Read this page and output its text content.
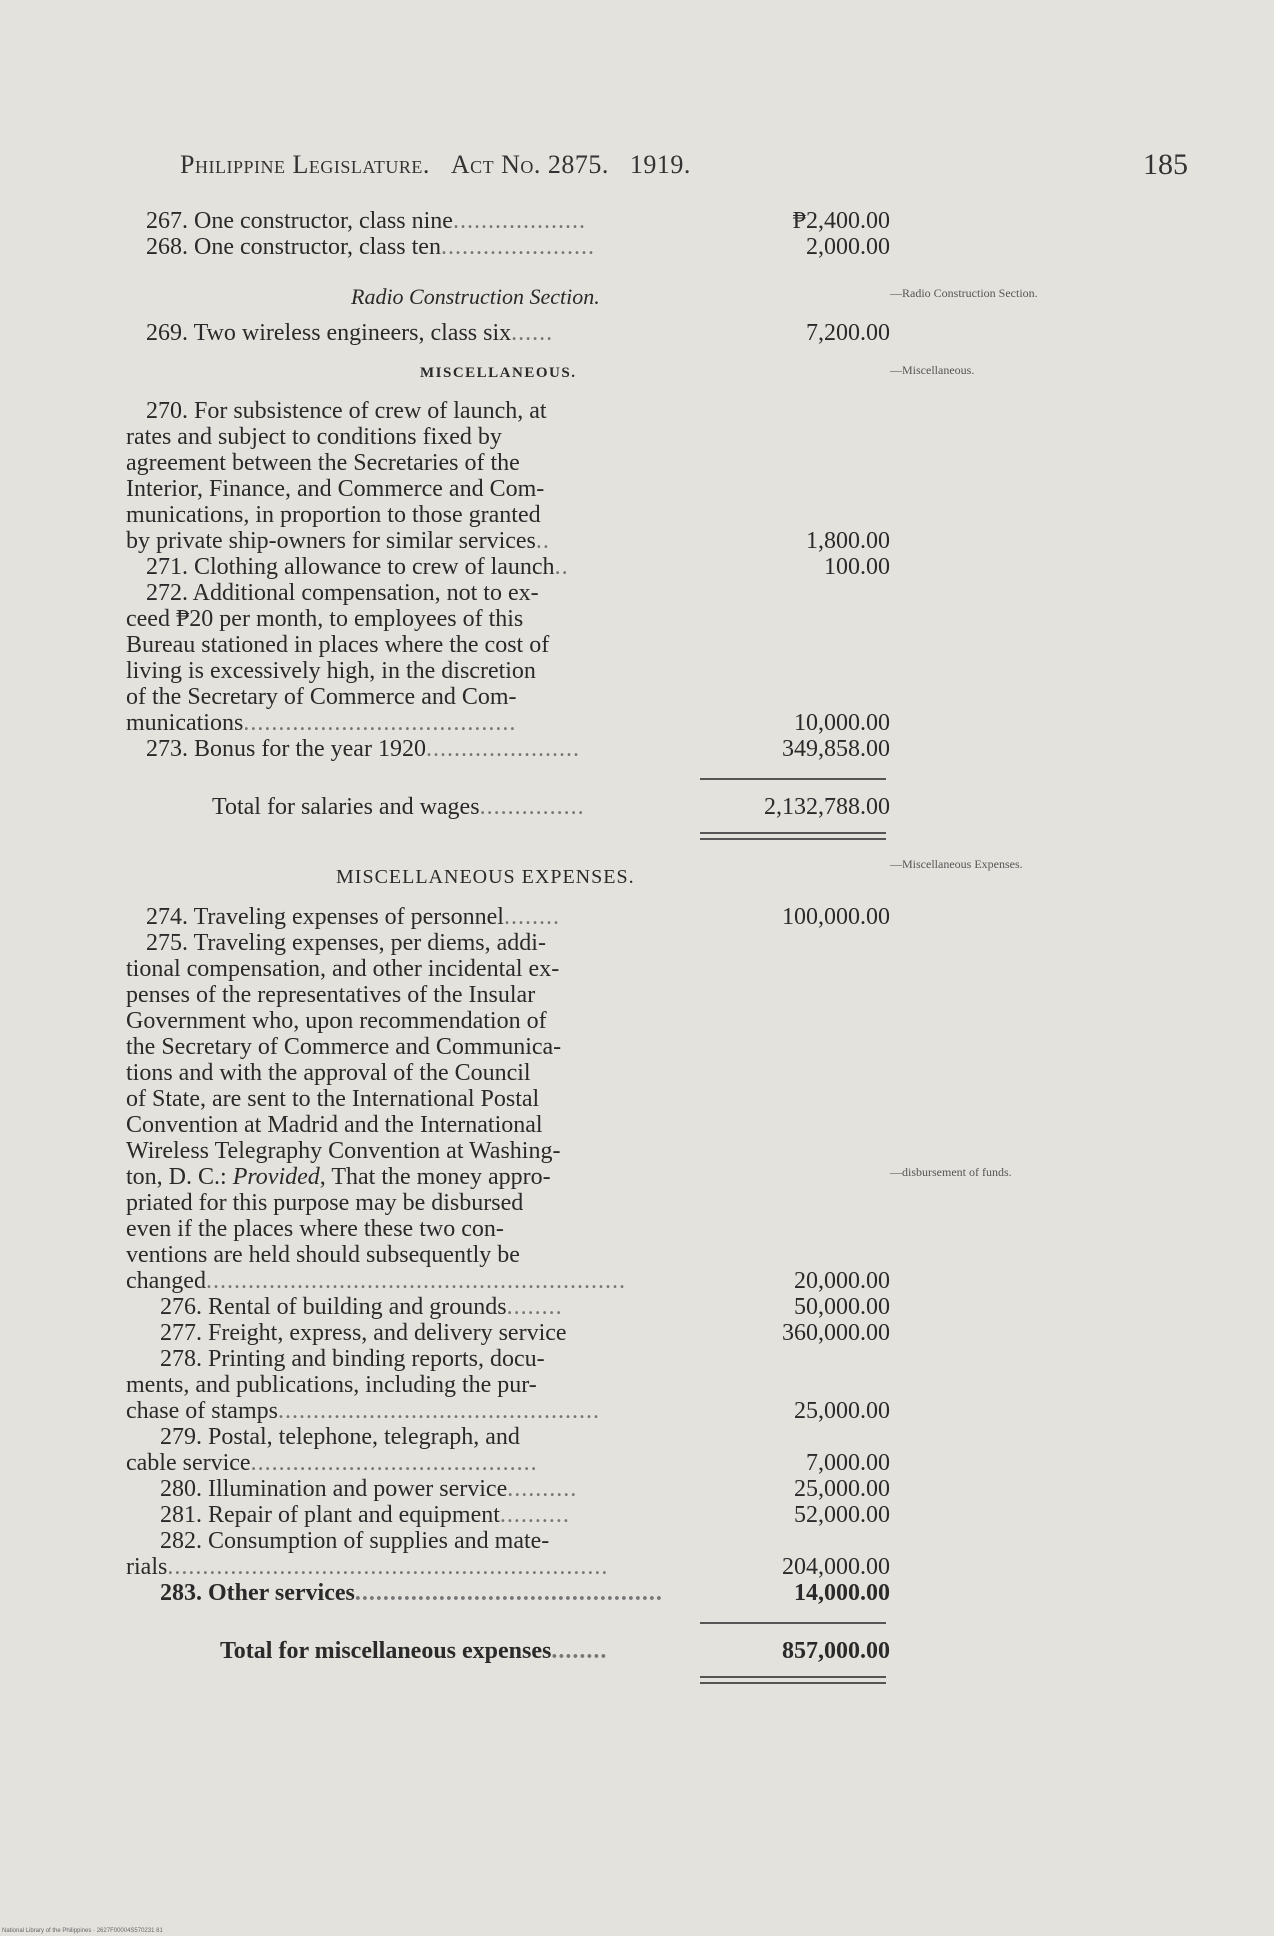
Philippine Legislature. Act No. 2875. 1919.	185
267. One constructor, class nine...................	₱2,400.00
268. One constructor, class ten......................	2,000.00
Radio Construction Section.	—Radio Construction Section.
269. Two wireless engineers, class six......	7,200.00
MISCELLANEOUS.	—Miscellaneous.
270. For subsistence of crew of launch, at
rates and subject to conditions fixed by
agreement between the Secretaries of the
Interior, Finance, and Commerce and Com-
munications, in proportion to those granted
by private ship-owners for similar services..	1,800.00
271. Clothing allowance to crew of launch..	100.00
272. Additional compensation, not to ex-
ceed ₱20 per month, to employees of this
Bureau stationed in places where the cost of
living is excessively high, in the discretion
of the Secretary of Commerce and Com-
munications.......................................	10,000.00
273. Bonus for the year 1920......................	349,858.00
Total for salaries and wages...............	2,132,788.00
MISCELLANEOUS EXPENSES.
—Miscellaneous Expenses.
274. Traveling expenses of personnel........	100,000.00
275. Traveling expenses, per diems, addi-
tional compensation, and other incidental ex-
penses of the representatives of the Insular
Government who, upon recommendation of
the Secretary of Commerce and Communica-
tions and with the approval of the Council
of State, are sent to the International Postal
Convention at Madrid and the International
Wireless Telegraphy Convention at Washing-
ton, D. C.: Provided, That the money appro-
priated for this purpose may be disbursed
even if the places where these two con-
ventions are held should subsequently be
changed............................................................	20,000.00
—disbursement of funds.
276. Rental of building and grounds........	50,000.00
277. Freight, express, and delivery service	360,000.00
278. Printing and binding reports, docu-
ments, and publications, including the pur-
chase of stamps..............................................	25,000.00
279. Postal, telephone, telegraph, and
cable service.........................................	7,000.00
280. Illumination and power service..........	25,000.00
281. Repair of plant and equipment..........	52,000.00
282. Consumption of supplies and mate-
rials...............................................................	204,000.00
283. Other services............................................	14,000.00
Total for miscellaneous expenses........	857,000.00
National Library of the Philippines · 2627F00004S570231 81
